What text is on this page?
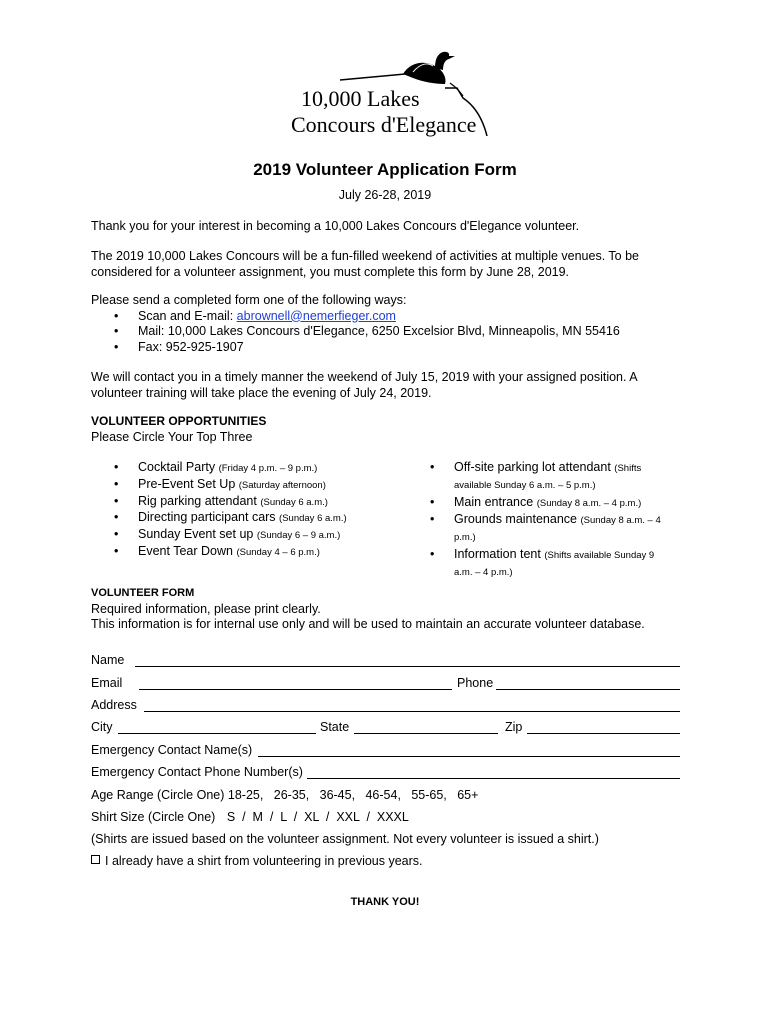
10,000 Lakes
Concours d'Elegance
2019 Volunteer Application Form
July 26-28, 2019
Thank you for your interest in becoming a 10,000 Lakes Concours d'Elegance volunteer.
The 2019 10,000 Lakes Concours will be a fun-filled weekend of activities at multiple venues. To be considered for a volunteer assignment, you must complete this form by June 28, 2019.

Please send a completed form one of the following ways:

• Scan and E-mail: abrownell@nemerfieger.com
• Mail: 10,000 Lakes Concours d'Elegance, 6250 Excelsior Blvd, Minneapolis, MN 55416
• Fax: 952-925-1907
We will contact you in a timely manner the weekend of July 15, 2019 with your assigned position. A volunteer training will take place the evening of July 24, 2019.

VOLUNTEER OPPORTUNITIES

Please Circle Your Top Three

• Cocktail Party (Friday 4 p.m. – 9 p.m.)
• Pre-Event Set Up (Saturday afternoon)
• Rig parking attendant (Sunday 6 a.m.)
• Directing participant cars (Sunday 6 a.m.)
• Sunday Event set up (Sunday 6 – 9 a.m.)
• Event Tear Down (Sunday 4 – 6 p.m.)
• Off-site parking lot attendant (Shifts available Sunday 6 a.m. – 5 p.m.)
• Main entrance (Sunday 8 a.m. – 4 p.m.)
• Grounds maintenance (Sunday 8 a.m. – 4 p.m.)
• Information tent (Shifts available Sunday 9 a.m. – 4 p.m.)

VOLUNTEER FORM

Required information, please print clearly.

This information is for internal use only and will be used to maintain an accurate volunteer database.

Name
Email	Phone
Address
City	State	Zip
Emergency Contact Name(s)
Emergency Contact Phone Number(s)
Age Range (Circle One) 18-25,   26-35,   36-45,   46-54,   55-65,   65+
Shirt Size (Circle One) S  /  M  /  L  /  XL  /  XXL  /  XXXL
(Shirts are issued based on the volunteer assignment. Not every volunteer is issued a shirt.)
I already have a shirt from volunteering in previous years.
THANK YOU!
